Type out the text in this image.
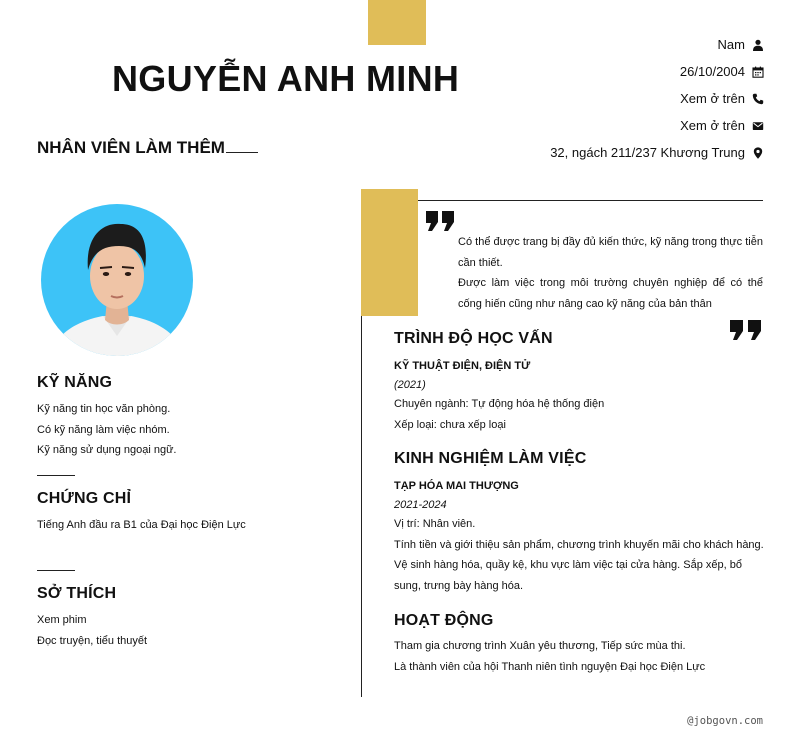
NGUYỄN ANH MINH
NHÂN VIÊN LÀM THÊM
Nam
26/10/2004
Xem ở trên
Xem ở trên
32, ngách 211/237 Khương Trung
KỸ NĂNG
Kỹ năng tin học văn phòng.
Có kỹ năng làm việc nhóm.
Kỹ năng sử dụng ngoại ngữ.
CHỨNG CHỈ
Tiếng Anh đầu ra B1 của Đại học Điện Lực
SỞ THÍCH
Xem phim
Đọc truyện, tiểu thuyết
Có thể được trang bị đầy đủ kiến thức, kỹ năng trong thực tiễn cần thiết.
Được làm việc trong môi trường chuyên nghiệp để có thể cống hiến cũng như nâng cao kỹ năng của bản thân
TRÌNH ĐỘ HỌC VẤN
KỸ THUẬT ĐIỆN, ĐIỆN TỬ
(2021)
Chuyên ngành: Tự động hóa hệ thống điện
Xếp loại: chưa xếp loại
KINH NGHIỆM LÀM VIỆC
TẠP HÓA MAI THƯỢNG
2021-2024
Vị trí: Nhân viên.
Tính tiền và giới thiệu sản phẩm, chương trình khuyến mãi cho khách hàng.
Vệ sinh hàng hóa, quầy kệ, khu vực làm việc tại cửa hàng. Sắp xếp, bổ sung, trưng bày hàng hóa.
HOẠT ĐỘNG
Tham gia chương trình Xuân yêu thương, Tiếp sức mùa thi.
Là thành viên của hội Thanh niên tình nguyện Đại học Điện Lực
@jobgovn.com
